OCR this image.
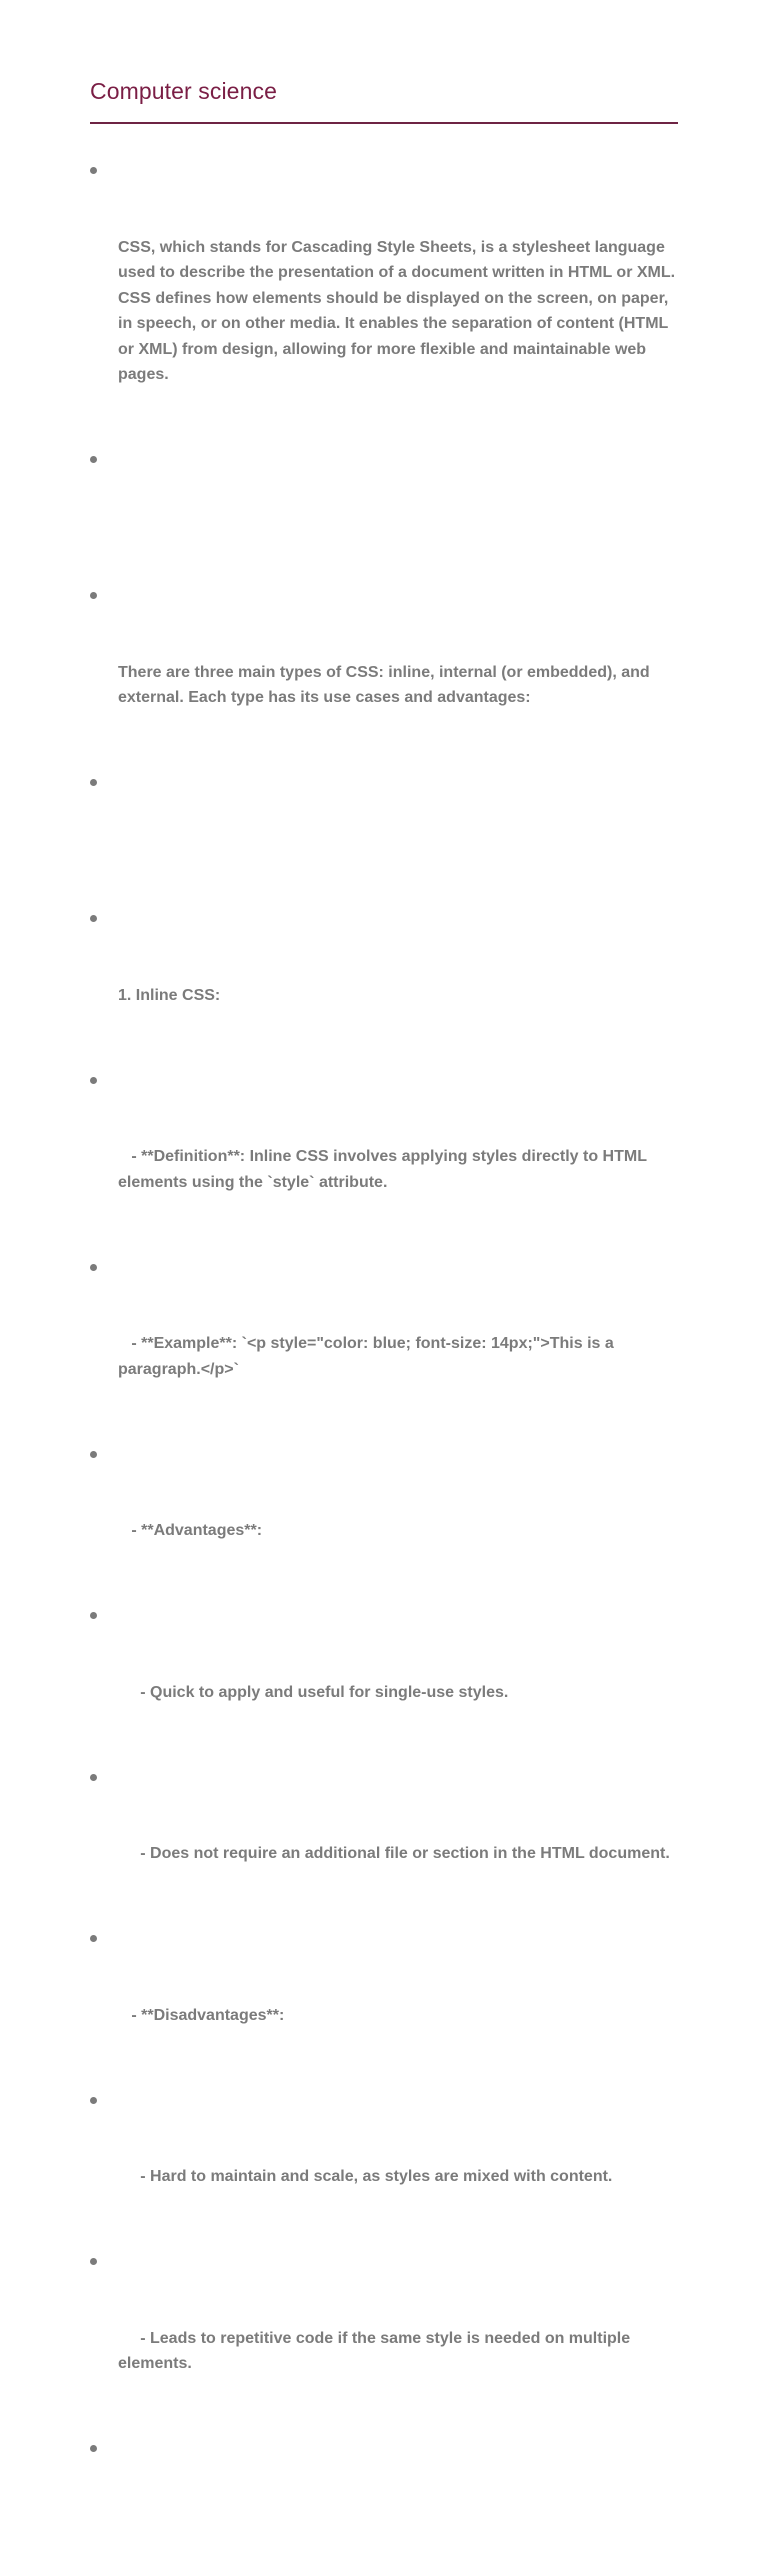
Computer science

CSS, which stands for Cascading Style Sheets, is a stylesheet language used to describe the presentation of a document written in HTML or XML. CSS defines how elements should be displayed on the screen, on paper, in speech, or on other media. It enables the separation of content (HTML or XML) from design, allowing for more flexible and maintainable web pages.

There are three main types of CSS: inline, internal (or embedded), and external. Each type has its use cases and advantages:

1. Inline CSS:

- **Definition**: Inline CSS involves applying styles directly to HTML elements using the `style` attribute.

- **Example**: `<p style="color: blue; font-size: 14px;">This is a paragraph.</p>`

- **Advantages**:

- Quick to apply and useful for single-use styles.

- Does not require an additional file or section in the HTML document.

- **Disadvantages**:

- Hard to maintain and scale, as styles are mixed with content.

- Leads to repetitive code if the same style is needed on multiple elements.
